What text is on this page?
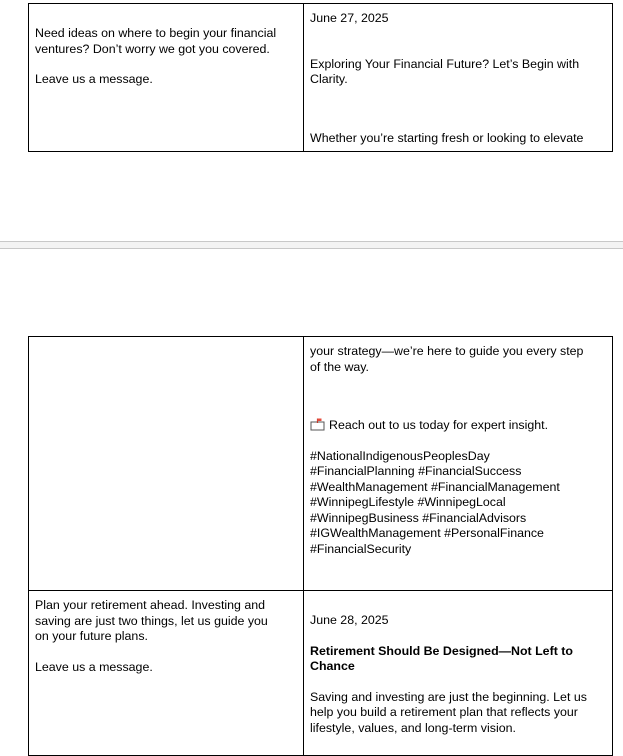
Need ideas on where to begin your financial

ventures? Don’t worry we got you covered.

Leave us a message.

June 27, 2025

Exploring Your Financial Future? Let’s Begin with

Clarity.

Whether you’re starting fresh or looking to elevate

your strategy—we’re here to guide you every step

of the way.

Reach out to us today for expert insight.

#NationalIndigenousPeoplesDay

#FinancialPlanning #FinancialSuccess

#WealthManagement #FinancialManagement

#WinnipegLifestyle #WinnipegLocal

#WinnipegBusiness #FinancialAdvisors

#IGWealthManagement #PersonalFinance

#FinancialSecurity

Plan your retirement ahead. Investing and

saving are just two things, let us guide you

on your future plans.

Leave us a message.

June 28, 2025

Retirement Should Be Designed—Not Left to

Chance

Saving and investing are just the beginning. Let us

help you build a retirement plan that reflects your

lifestyle, values, and long-term vision.
